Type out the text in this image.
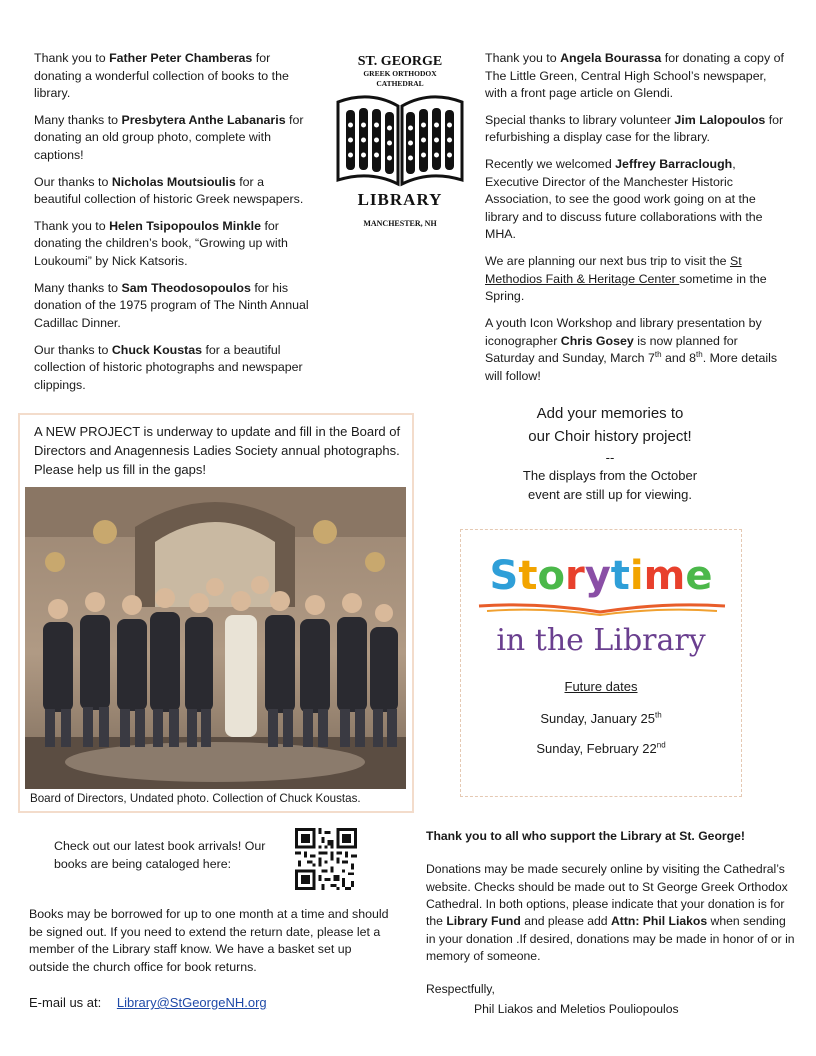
Thank you to Father Peter Chamberas for donating a wonderful collection of books to the library.

Many thanks to Presbytera Anthe Labanaris for donating an old group photo, complete with captions!

Our thanks to Nicholas Moutsioulis for a beautiful collection of historic Greek newspapers.

Thank you to Helen Tsipopoulos Minkle for donating the children’s book, “Growing up with Loukoumi” by Nick Katsoris.

Many thanks to Sam Theodosopoulos for his donation of the 1975 program of The Ninth Annual Cadillac Dinner.

Our thanks to Chuck Koustas for a beautiful collection of historic photographs and newspaper clippings.

ST. GEORGE
GREEK ORTHODOX
CATHEDRAL
LIBRARY
MANCHESTER, NH

Thank you to Angela Bourassa for donating a copy of The Little Green, Central High School’s newspaper, with a front page article on Glendi.

Special thanks to library volunteer Jim Lalopoulos for refurbishing a display case for the library.

Recently we welcomed Jeffrey Barraclough, Executive Director of the Manchester Historic Association, to see the good work going on at the library and to discuss future collaborations with the MHA.

We are planning our next bus trip to visit the St Methodios Faith & Heritage Center sometime in the Spring.

A youth Icon Workshop and library presentation by iconographer Chris Gosey is now planned for Saturday and Sunday, March 7th and 8th. More details will follow!

A NEW PROJECT is underway to update and fill in the Board of Directors and Anagennesis Ladies Society annual photographs. Please help us fill in the gaps!
Board of Directors, Undated photo. Collection of Chuck Koustas.
Add your memories to
our Choir history project!
--
The displays from the October
event are still up for viewing.
Storytime
in the Library
Future dates
Sunday, January 25th
Sunday, February 22nd
Check out our latest book arrivals! Our books are being cataloged here:
Books may be borrowed for up to one month at a time and should be signed out. If you need to extend the return date, please let a member of the Library staff know. We have a basket set up outside the church office for book returns.
E-mail us at: Library@StGeorgeNH.org

Thank you to all who support the Library at St. George!

Donations may be made securely online by visiting the Cathedral’s website. Checks should be made out to St George Greek Orthodox Cathedral. In both options, please indicate that your donation is for the Library Fund and please add Attn: Phil Liakos when sending in your donation .If desired, donations may be made in honor of or in memory of someone.

Respectfully,

Phil Liakos and Meletios Pouliopoulos
